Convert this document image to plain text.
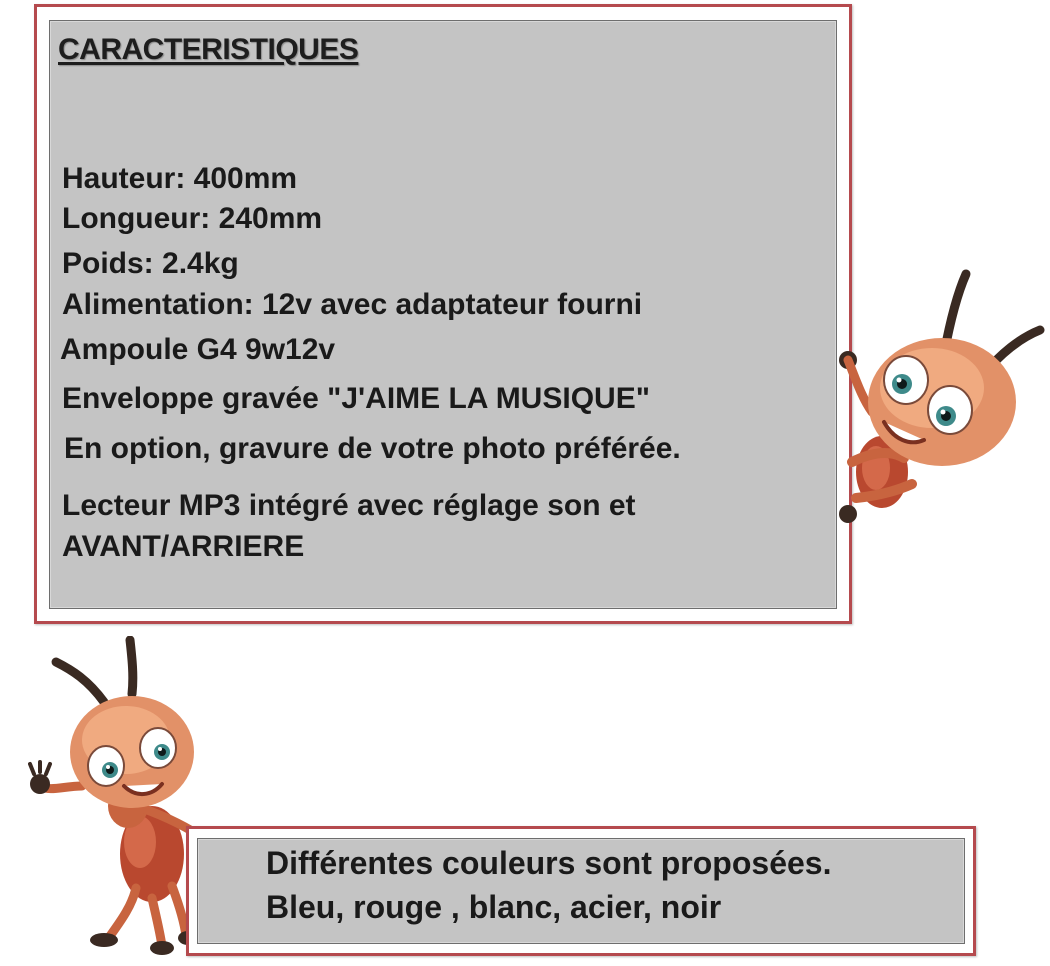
CARACTERISTIQUES
Hauteur: 400mm
Longueur: 240mm
Poids: 2.4kg
Alimentation: 12v avec adaptateur fourni
Ampoule G4 9w12v
Enveloppe gravée "J'AIME LA MUSIQUE"
En option, gravure de votre photo préférée.
Lecteur MP3 intégré avec réglage son et
AVANT/ARRIERE
Différentes couleurs sont proposées.
Bleu, rouge , blanc, acier, noir
